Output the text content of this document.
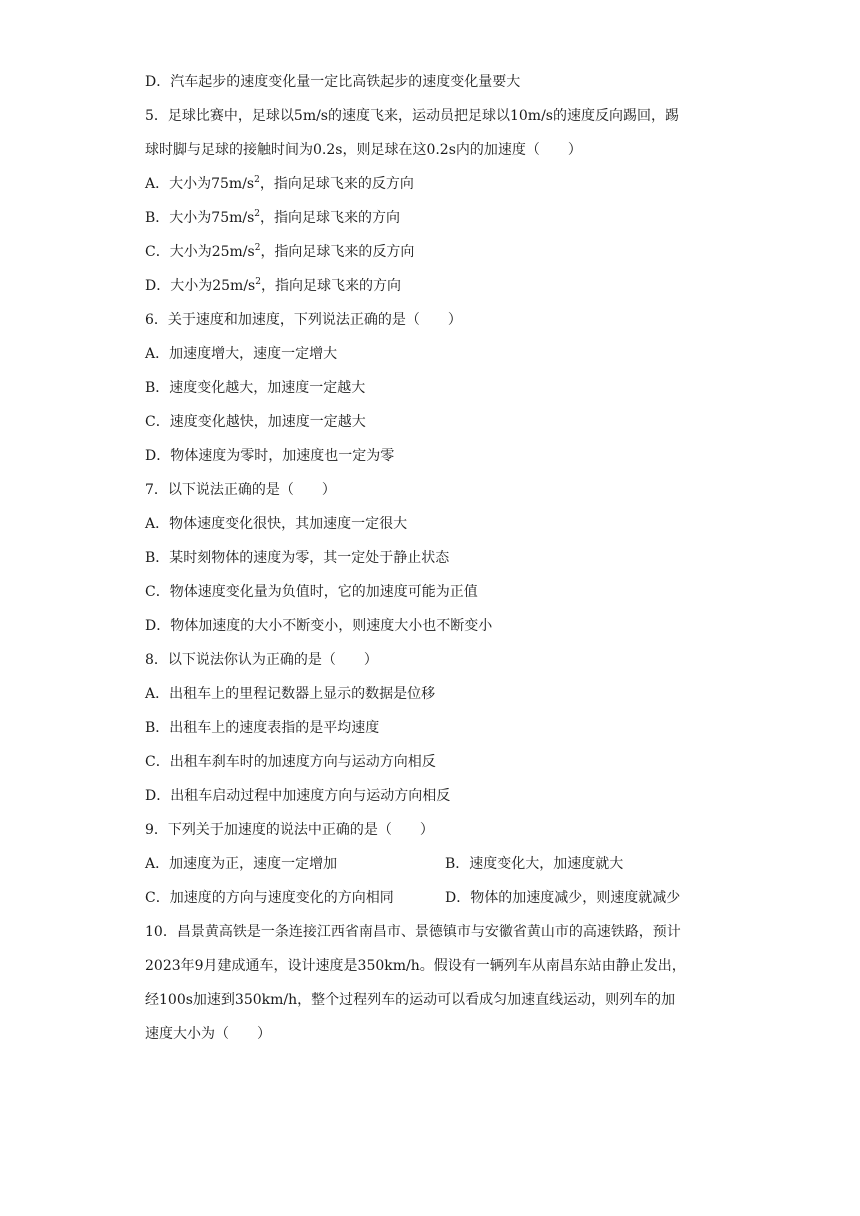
D．汽车起步的速度变化量一定比高铁起步的速度变化量要大
5．足球比赛中，足球以5m/s的速度飞来，运动员把足球以10m/s的速度反向踢回，踢
球时脚与足球的接触时间为0.2s，则足球在这0.2s内的加速度（　　）
A．大小为$75m/s^2$，指向足球飞来的反方向
B．大小为$75m/s^2$，指向足球飞来的方向
C．大小为$25m/s^2$，指向足球飞来的反方向
D．大小为$25m/s^2$，指向足球飞来的方向
6．关于速度和加速度，下列说法正确的是（　　）
A．加速度增大，速度一定增大
B．速度变化越大，加速度一定越大
C．速度变化越快，加速度一定越大
D．物体速度为零时，加速度也一定为零
7．以下说法正确的是（　　）
A．物体速度变化很快，其加速度一定很大
B．某时刻物体的速度为零，其一定处于静止状态
C．物体速度变化量为负值时，它的加速度可能为正值
D．物体加速度的大小不断变小，则速度大小也不断变小
8．以下说法你认为正确的是（　　）
A．出租车上的里程记数器上显示的数据是位移
B．出租车上的速度表指的是平均速度
C．出租车刹车时的加速度方向与运动方向相反
D．出租车启动过程中加速度方向与运动方向相反
9．下列关于加速度的说法中正确的是（　　）
A．加速度为正，速度一定增加	B．速度变化大，加速度就大
C．加速度的方向与速度变化的方向相同	D．物体的加速度减少，则速度就减少
10．昌景黄高铁是一条连接江西省南昌市、景德镇市与安徽省黄山市的高速铁路，预计
2023年9月建成通车，设计速度是350km/h。假设有一辆列车从南昌东站由静止发出，
经100s加速到350km/h，整个过程列车的运动可以看成匀加速直线运动，则列车的加
速度大小为（　　）
